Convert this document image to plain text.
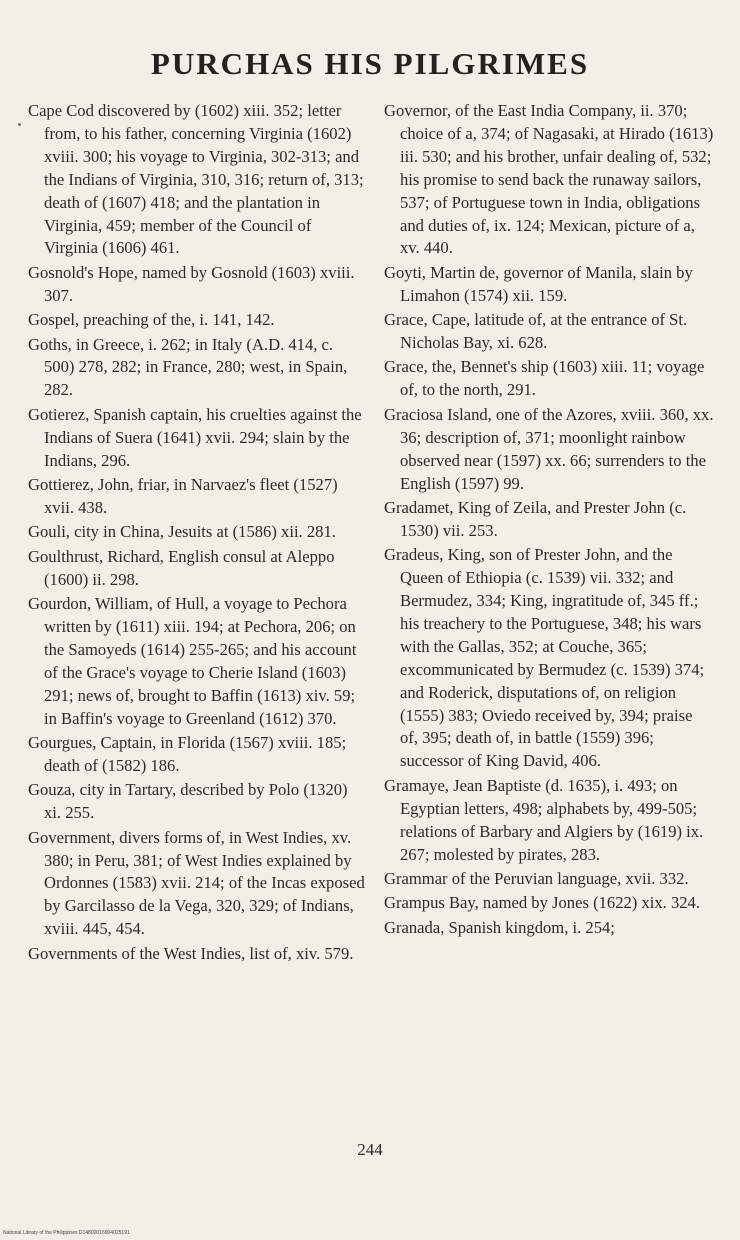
PURCHAS HIS PILGRIMES

Cape Cod discovered by (1602) xiii. 352; letter from, to his father, concerning Virginia (1602) xviii. 300; his voyage to Virginia, 302-313; and the Indians of Virginia, 310, 316; return of, 313; death of (1607) 418; and the plantation in Virginia, 459; member of the Council of Virginia (1606) 461.

Gosnold's Hope, named by Gosnold (1603) xviii. 307.

Gospel, preaching of the, i. 141, 142.

Goths, in Greece, i. 262; in Italy (A.D. 414, c. 500) 278, 282; in France, 280; west, in Spain, 282.

Gotierez, Spanish captain, his cruelties against the Indians of Suera (1641) xvii. 294; slain by the Indians, 296.

Gottierez, John, friar, in Narvaez's fleet (1527) xvii. 438.

Gouli, city in China, Jesuits at (1586) xii. 281.

Goulthrust, Richard, English consul at Aleppo (1600) ii. 298.

Gourdon, William, of Hull, a voyage to Pechora written by (1611) xiii. 194; at Pechora, 206; on the Samoyeds (1614) 255-265; and his account of the Grace's voyage to Cherie Island (1603) 291; news of, brought to Baffin (1613) xiv. 59; in Baffin's voyage to Greenland (1612) 370.

Gourgues, Captain, in Florida (1567) xviii. 185; death of (1582) 186.

Gouza, city in Tartary, described by Polo (1320) xi. 255.

Government, divers forms of, in West Indies, xv. 380; in Peru, 381; of West Indies explained by Ordonnes (1583) xvii. 214; of the Incas exposed by Garcilasso de la Vega, 320, 329; of Indians, xviii. 445, 454.

Governments of the West Indies, list of, xiv. 579.

Governor, of the East India Company, ii. 370; choice of a, 374; of Nagasaki, at Hirado (1613) iii. 530; and his brother, unfair dealing of, 532; his promise to send back the runaway sailors, 537; of Portuguese town in India, obligations and duties of, ix. 124; Mexican, picture of a, xv. 440.

Goyti, Martin de, governor of Manila, slain by Limahon (1574) xii. 159.

Grace, Cape, latitude of, at the entrance of St. Nicholas Bay, xi. 628.

Grace, the, Bennet's ship (1603) xiii. 11; voyage of, to the north, 291.

Graciosa Island, one of the Azores, xviii. 360, xx. 36; description of, 371; moonlight rainbow observed near (1597) xx. 66; surrenders to the English (1597) 99.

Gradamet, King of Zeila, and Prester John (c. 1530) vii. 253.

Gradeus, King, son of Prester John, and the Queen of Ethiopia (c. 1539) vii. 332; and Bermudez, 334; King, ingratitude of, 345 ff.; his treachery to the Portuguese, 348; his wars with the Gallas, 352; at Couche, 365; excommunicated by Bermudez (c. 1539) 374; and Roderick, disputations of, on religion (1555) 383; Oviedo received by, 394; praise of, 395; death of, in battle (1559) 396; successor of King David, 406.

Gramaye, Jean Baptiste (d. 1635), i. 493; on Egyptian letters, 498; alphabets by, 499-505; relations of Barbary and Algiers by (1619) ix. 267; molested by pirates, 283.

Grammar of the Peruvian language, xvii. 332.

Grampus Bay, named by Jones (1622) xix. 324.

Granada, Spanish kingdom, i. 254;

244
National Library of the Philippines D14800016904025191
